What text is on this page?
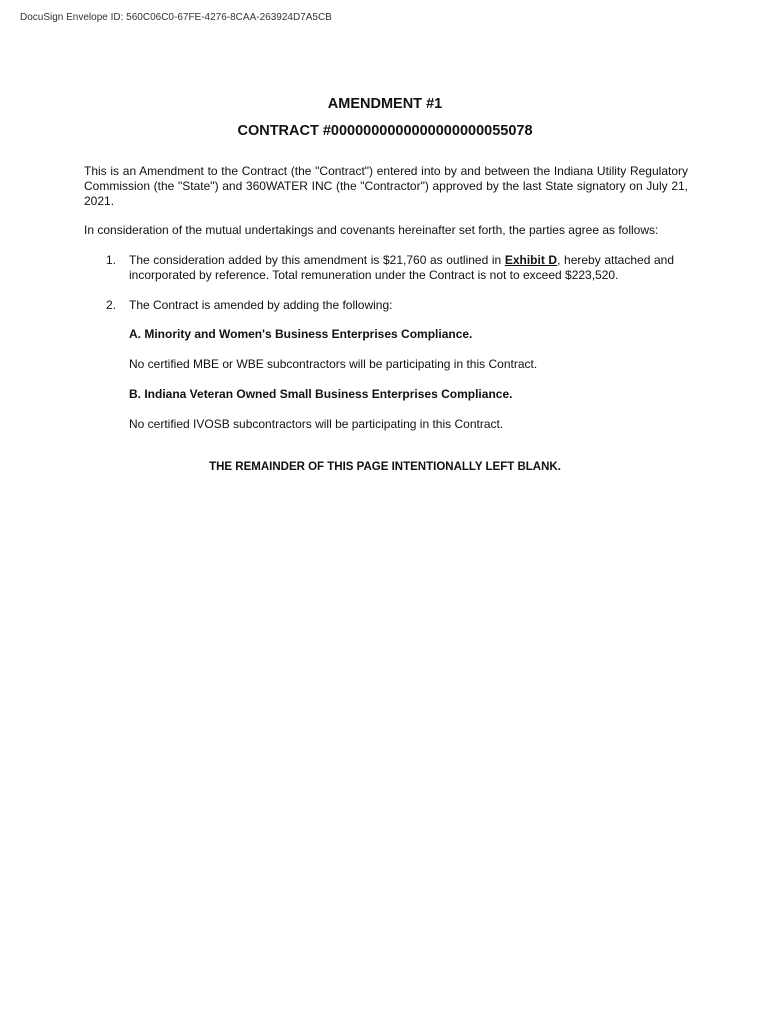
DocuSign Envelope ID: 560C06C0-67FE-4276-8CAA-263924D7A5CB
AMENDMENT #1
CONTRACT #0000000000000000000055078
This is an Amendment to the Contract (the "Contract") entered into by and between the Indiana Utility Regulatory Commission (the "State") and 360WATER INC (the "Contractor") approved by the last State signatory on July 21, 2021.
In consideration of the mutual undertakings and covenants hereinafter set forth, the parties agree as follows:
1. The consideration added by this amendment is $21,760 as outlined in Exhibit D, hereby attached and incorporated by reference. Total remuneration under the Contract is not to exceed $223,520.
2. The Contract is amended by adding the following:
A. Minority and Women's Business Enterprises Compliance.
No certified MBE or WBE subcontractors will be participating in this Contract.
B. Indiana Veteran Owned Small Business Enterprises Compliance.
No certified IVOSB subcontractors will be participating in this Contract.
THE REMAINDER OF THIS PAGE INTENTIONALLY LEFT BLANK.
